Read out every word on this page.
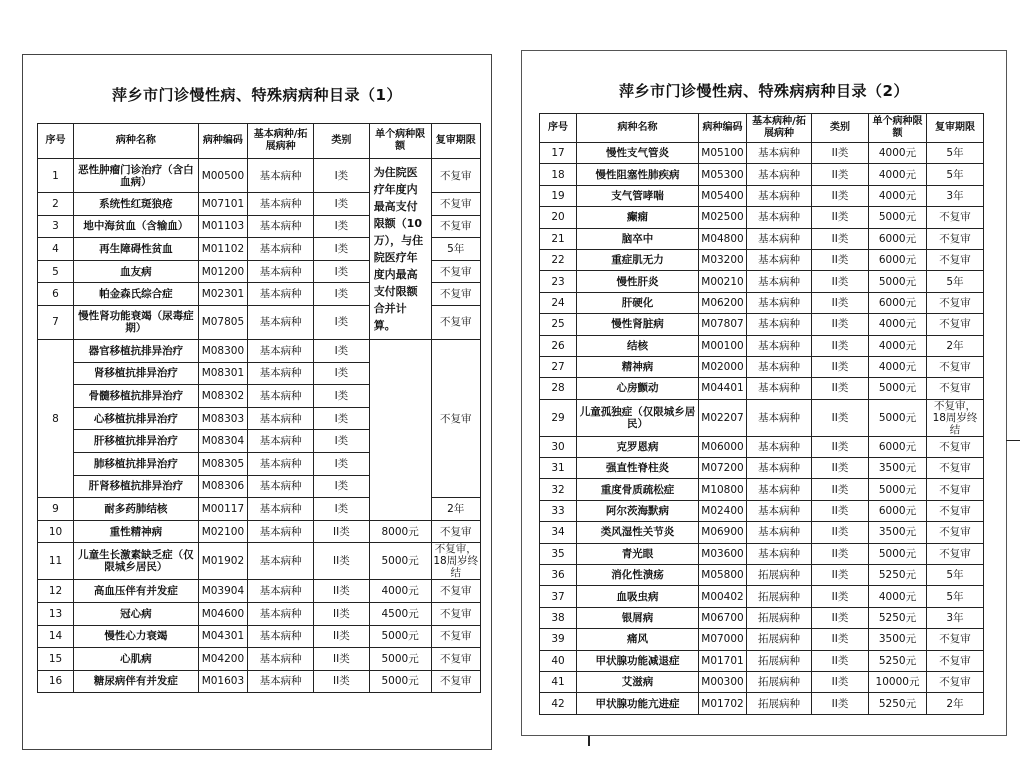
萍乡市门诊慢性病、特殊病病种目录（1）
序号	病种名称	病种编码	基本病种/拓展病种	类别	单个病种限额	复审期限
1	恶性肿瘤门诊治疗（含白血病）	M00500	基本病种	I类	为住院医疗年度内最高支付限额（10万），与住院医疗年度内最高支付限额合并计算。	不复审
2	系统性红斑狼疮	M07101	基本病种	I类		不复审
3	地中海贫血（含输血）	M01103	基本病种	I类		不复审
4	再生障碍性贫血	M01102	基本病种	I类		5年
5	血友病	M01200	基本病种	I类		不复审
6	帕金森氏综合症	M02301	基本病种	I类		不复审
7	慢性肾功能衰竭（尿毒症期）	M07805	基本病种	I类		不复审
8	器官移植抗排异治疗	M08300	基本病种	I类		不复审
	肾移植抗排异治疗	M08301	基本病种	I类		
	骨髓移植抗排异治疗	M08302	基本病种	I类		
	心移植抗排异治疗	M08303	基本病种	I类		
	肝移植抗排异治疗	M08304	基本病种	I类		
	肺移植抗排异治疗	M08305	基本病种	I类		
	肝肾移植抗排异治疗	M08306	基本病种	I类		
9	耐多药肺结核	M00117	基本病种	I类		2年
10	重性精神病	M02100	基本病种	II类	8000元	不复审
11	儿童生长激素缺乏症（仅限城乡居民）	M01902	基本病种	II类	5000元	不复审，18周岁终结
12	高血压伴有并发症	M03904	基本病种	II类	4000元	不复审
13	冠心病	M04600	基本病种	II类	4500元	不复审
14	慢性心力衰竭	M04301	基本病种	II类	5000元	不复审
15	心肌病	M04200	基本病种	II类	5000元	不复审
16	糖尿病伴有并发症	M01603	基本病种	II类	5000元	不复审
萍乡市门诊慢性病、特殊病病种目录（2）
序号	病种名称	病种编码	基本病种/拓展病种	类别	单个病种限额	复审期限
17	慢性支气管炎	M05100	基本病种	II类	4000元	5年
18	慢性阻塞性肺疾病	M05300	基本病种	II类	4000元	5年
19	支气管哮喘	M05400	基本病种	II类	4000元	3年
20	癫痫	M02500	基本病种	II类	5000元	不复审
21	脑卒中	M04800	基本病种	II类	6000元	不复审
22	重症肌无力	M03200	基本病种	II类	6000元	不复审
23	慢性肝炎	M00210	基本病种	II类	5000元	5年
24	肝硬化	M06200	基本病种	II类	6000元	不复审
25	慢性肾脏病	M07807	基本病种	II类	4000元	不复审
26	结核	M00100	基本病种	II类	4000元	2年
27	精神病	M02000	基本病种	II类	4000元	不复审
28	心房颤动	M04401	基本病种	II类	5000元	不复审
29	儿童孤独症（仅限城乡居民）	M02207	基本病种	II类	5000元	不复审，18周岁终结
30	克罗恩病	M06000	基本病种	II类	6000元	不复审
31	强直性脊柱炎	M07200	基本病种	II类	3500元	不复审
32	重度骨质疏松症	M10800	基本病种	II类	5000元	不复审
33	阿尔茨海默病	M02400	基本病种	II类	6000元	不复审
34	类风湿性关节炎	M06900	基本病种	II类	3500元	不复审
35	青光眼	M03600	基本病种	II类	5000元	不复审
36	消化性溃疡	M05800	拓展病种	II类	5250元	5年
37	血吸虫病	M00402	拓展病种	II类	4000元	5年
38	银屑病	M06700	拓展病种	II类	5250元	3年
39	痛风	M07000	拓展病种	II类	3500元	不复审
40	甲状腺功能减退症	M01701	拓展病种	II类	5250元	不复审
41	艾滋病	M00300	拓展病种	II类	10000元	不复审
42	甲状腺功能亢进症	M01702	拓展病种	II类	5250元	2年
